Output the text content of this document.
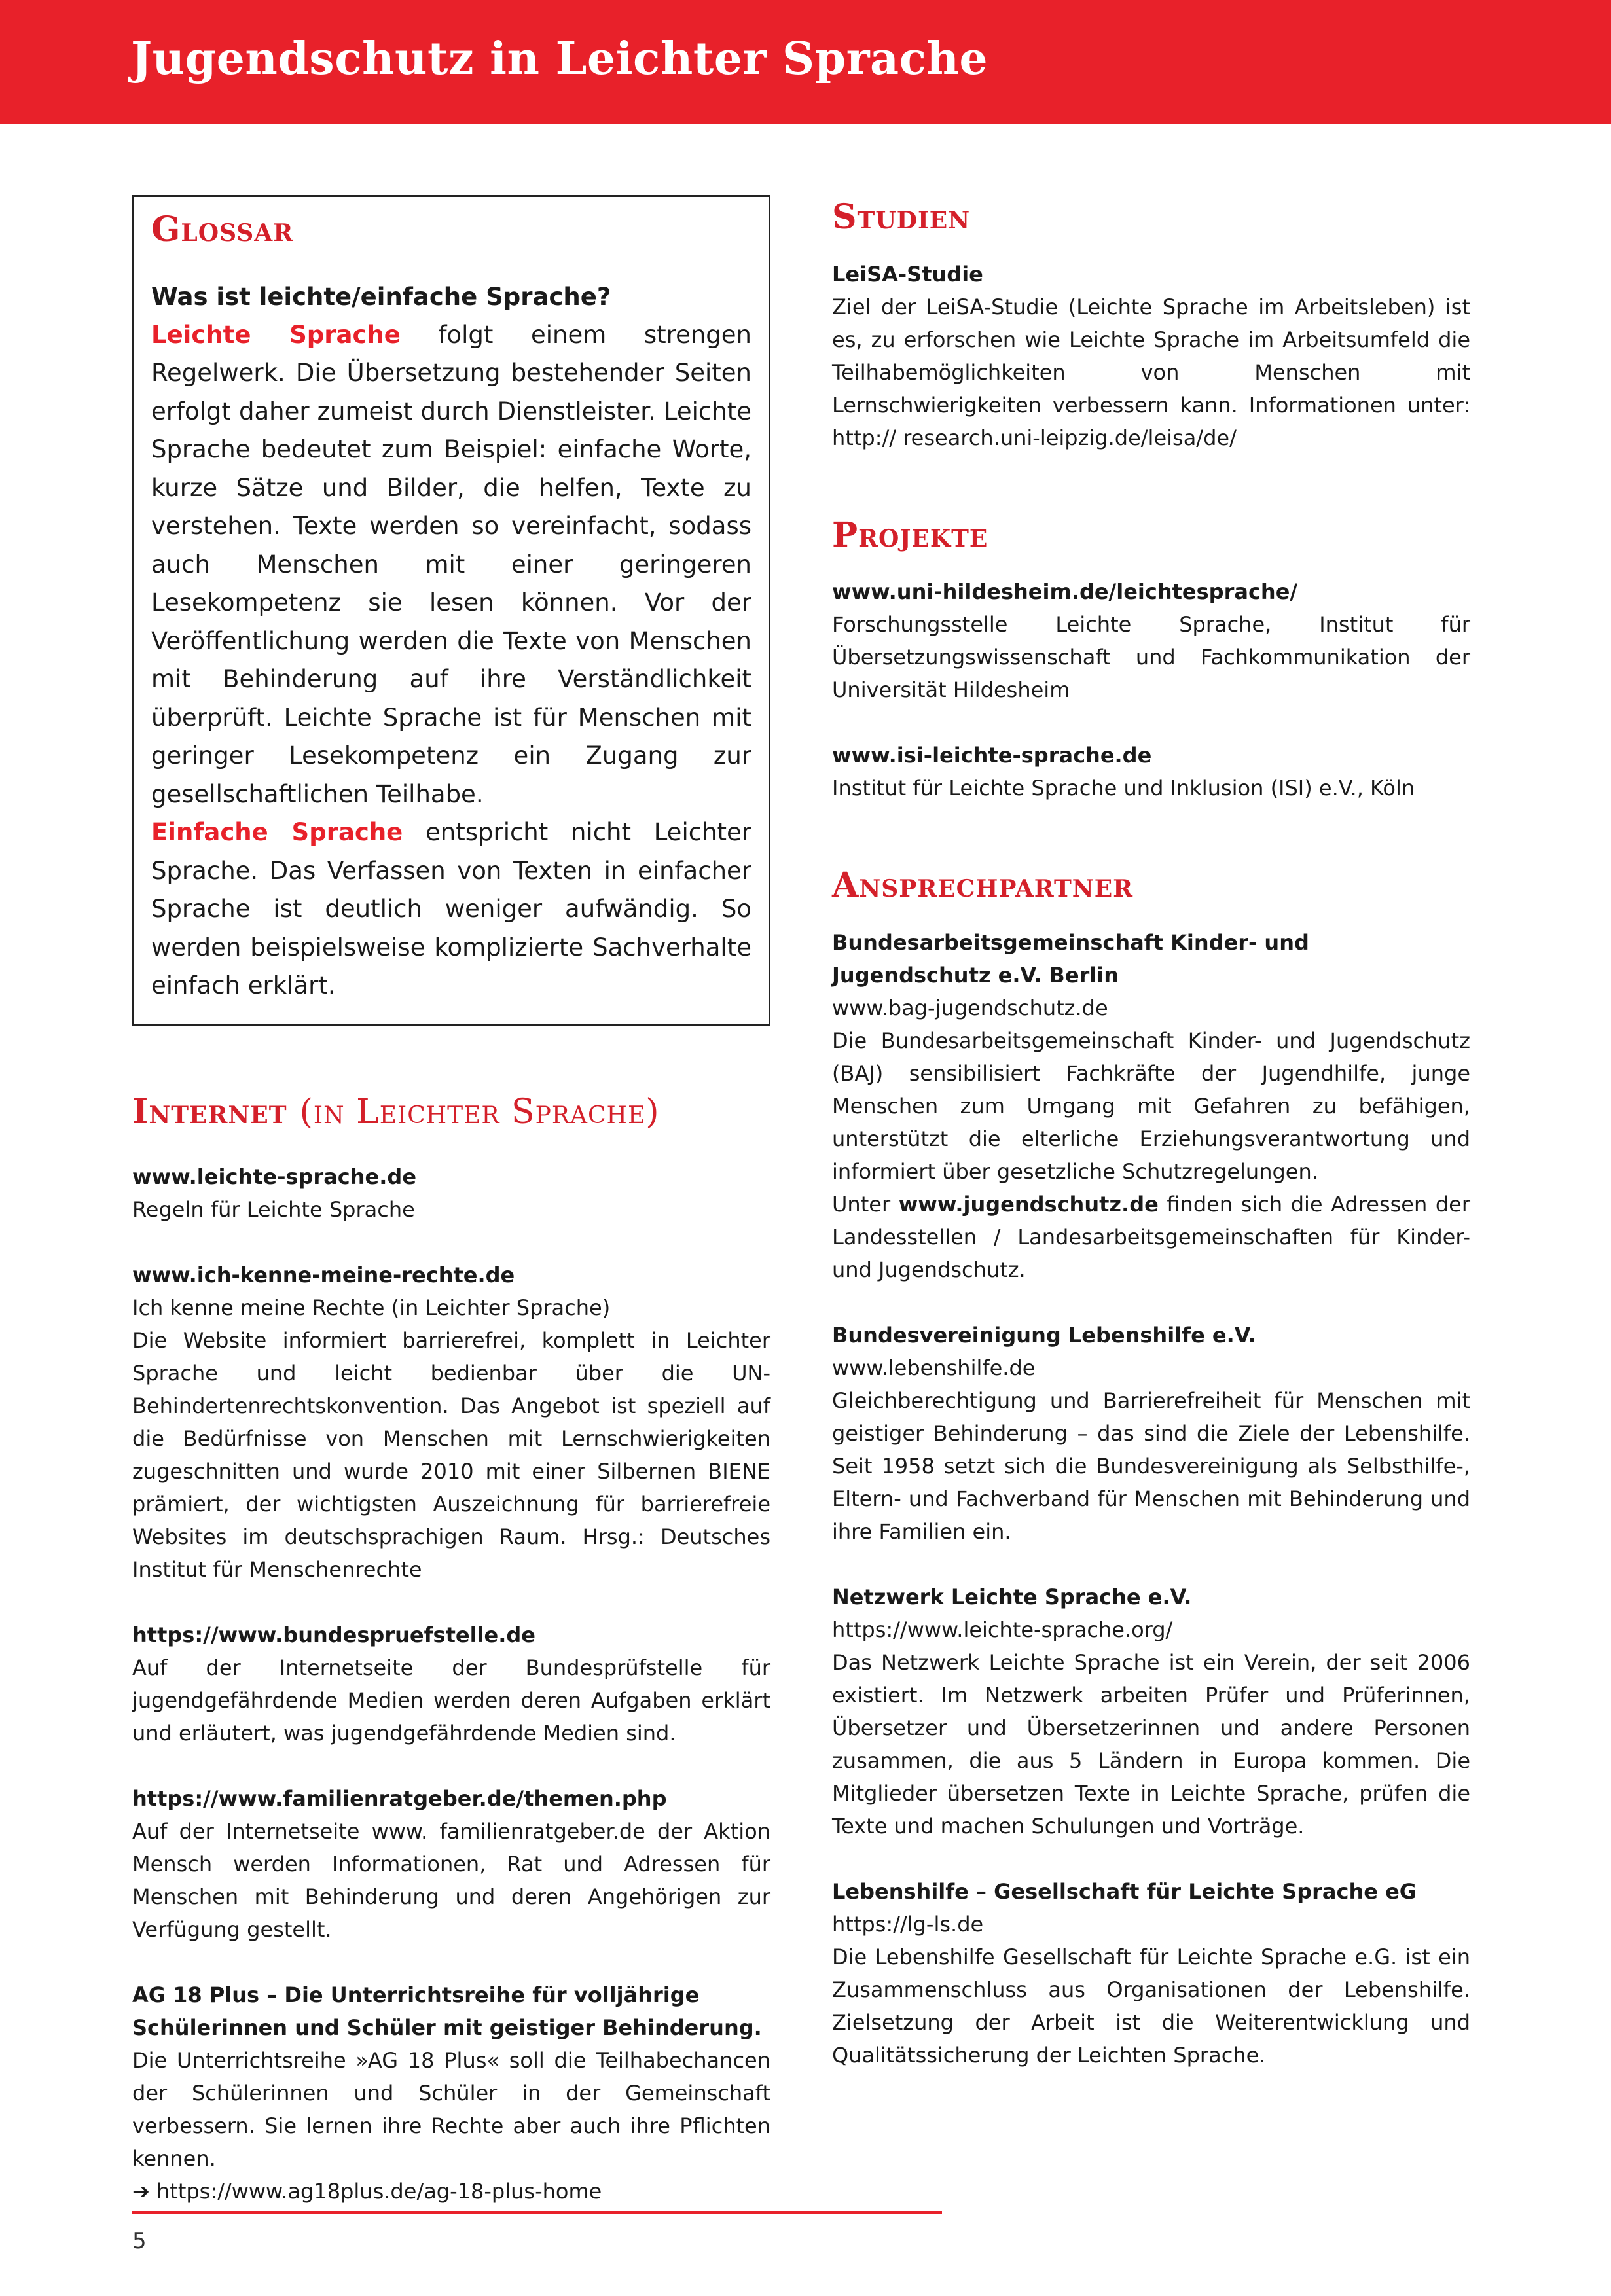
Jugendschutz in Leichter Sprache
Glossar
Was ist leichte/einfache Sprache?
Leichte Sprache folgt einem strengen Regelwerk. Die Übersetzung bestehender Seiten erfolgt daher zumeist durch Dienstleister. Leichte Sprache bedeutet zum Beispiel: einfache Worte, kurze Sätze und Bilder, die helfen, Texte zu verstehen. Texte werden so vereinfacht, sodass auch Menschen mit einer geringeren Lesekompetenz sie lesen können. Vor der Veröffentlichung werden die Texte von Menschen mit Behinderung auf ihre Verständlichkeit überprüft. Leichte Sprache ist für Menschen mit geringer Lesekompetenz ein Zugang zur gesellschaftlichen Teilhabe.
Einfache Sprache entspricht nicht Leichter Sprache. Das Verfassen von Texten in einfacher Sprache ist deutlich weniger aufwändig. So werden beispielsweise komplizierte Sachverhalte einfach erklärt.
Internet (in Leichter Sprache)
www.leichte-sprache.de
Regeln für Leichte Sprache
www.ich-kenne-meine-rechte.de
Ich kenne meine Rechte (in Leichter Sprache)
Die Website informiert barrierefrei, komplett in Leichter Sprache und leicht bedienbar über die UN-Behindertenrechtskonvention. Das Angebot ist speziell auf die Bedürfnisse von Menschen mit Lernschwierigkeiten zugeschnitten und wurde 2010 mit einer Silbernen BIENE prämiert, der wichtigsten Auszeichnung für barrierefreie Websites im deutschsprachigen Raum. Hrsg.: Deutsches Institut für Menschenrechte
https://www.bundespruefstelle.de
Auf der Internetseite der Bundesprüfstelle für jugendgefährdende Medien werden deren Aufgaben erklärt und erläutert, was jugendgefährdende Medien sind.
https://www.familienratgeber.de/themen.php
Auf der Internetseite www. familienratgeber.de der Aktion Mensch werden Informationen, Rat und Adressen für Menschen mit Behinderung und deren Angehörigen zur Verfügung gestellt.
AG 18 Plus – Die Unterrichtsreihe für volljährige Schülerinnen und Schüler mit geistiger Behinderung.
Die Unterrichtsreihe »AG 18 Plus« soll die Teilhabechancen der Schülerinnen und Schüler in der Gemeinschaft verbessern. Sie lernen ihre Rechte aber auch ihre Pflichten kennen.
➔ https://www.ag18plus.de/ag-18-plus-home
Studien
LeiSA-Studie
Ziel der LeiSA-Studie (Leichte Sprache im Arbeitsleben) ist es, zu erforschen wie Leichte Sprache im Arbeitsumfeld die Teilhabemöglichkeiten von Menschen mit Lernschwierigkeiten verbessern kann. Informationen unter: http:// research.uni-leipzig.de/leisa/de/
Projekte
www.uni-hildesheim.de/leichtesprache/
Forschungsstelle Leichte Sprache, Institut für Übersetzungswissenschaft und Fachkommunikation der Universität Hildesheim
www.isi-leichte-sprache.de
Institut für Leichte Sprache und Inklusion (ISI) e.V., Köln
Ansprechpartner
Bundesarbeitsgemeinschaft Kinder- und Jugendschutz e.V. Berlin
www.bag-jugendschutz.de
Die Bundesarbeitsgemeinschaft Kinder- und Jugendschutz (BAJ) sensibilisiert Fachkräfte der Jugendhilfe, junge Menschen zum Umgang mit Gefahren zu befähigen, unterstützt die elterliche Erziehungsverantwortung und informiert über gesetzliche Schutzregelungen.
Unter www.jugendschutz.de finden sich die Adressen der Landesstellen / Landesarbeitsgemeinschaften für Kinder- und Jugendschutz.
Bundesvereinigung Lebenshilfe e.V.
www.lebenshilfe.de
Gleichberechtigung und Barrierefreiheit für Menschen mit geistiger Behinderung – das sind die Ziele der Lebenshilfe. Seit 1958 setzt sich die Bundesvereinigung als Selbsthilfe-, Eltern- und Fachverband für Menschen mit Behinderung und ihre Familien ein.
Netzwerk Leichte Sprache e.V.
https://www.leichte-sprache.org/
Das Netzwerk Leichte Sprache ist ein Verein, der seit 2006 existiert. Im Netzwerk arbeiten Prüfer und Prüferinnen, Übersetzer und Übersetzerinnen und andere Personen zusammen, die aus 5 Ländern in Europa kommen. Die Mitglieder übersetzen Texte in Leichte Sprache, prüfen die Texte und machen Schulungen und Vorträge.
Lebenshilfe – Gesellschaft für Leichte Sprache eG
https://lg-ls.de
Die Lebenshilfe Gesellschaft für Leichte Sprache e.G. ist ein Zusammenschluss aus Organisationen der Lebenshilfe. Zielsetzung der Arbeit ist die Weiterentwicklung und Qualitätssicherung der Leichten Sprache.
5
